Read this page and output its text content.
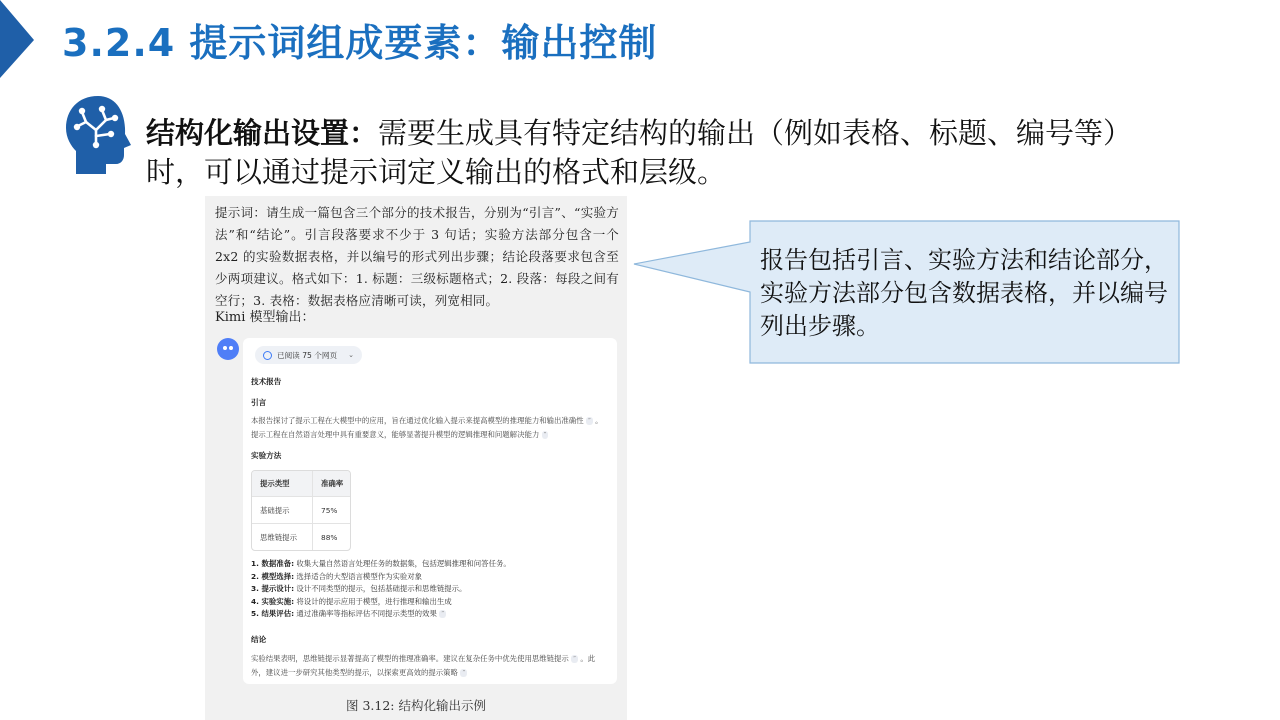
3.2.4 提示词组成要素：输出控制
结构化输出设置：需要生成具有特定结构的输出（例如表格、标题、编号等）时，可以通过提示词定义输出的格式和层级。
提示词：请生成一篇包含三个部分的技术报告，分别为“引言”、“实验方法”和“结论”。引言段落要求不少于 3 句话；实验方法部分包含一个 2x2 的实验数据表格，并以编号的形式列出步骤；结论段落要求包含至少两项建议。格式如下：1. 标题：三级标题格式；2. 段落：每段之间有空行；3. 表格：数据表格应清晰可读，列宽相同。
Kimi 模型输出：
已阅读 75 个网页 ⌄
技术报告
引言
本报告探讨了提示工程在大模型中的应用，旨在通过优化输入提示来提高模型的推理能力和输出准确性 ” 。提示工程在自然语言处理中具有重要意义，能够显著提升模型的逻辑推理和问题解决能力 ”
实验方法
提示类型	准确率
基础提示	75%
思维链提示	88%
1. 数据准备: 收集大量自然语言处理任务的数据集，包括逻辑推理和问答任务。
2. 模型选择: 选择适合的大型语言模型作为实验对象
3. 提示设计: 设计不同类型的提示，包括基础提示和思维链提示。
4. 实验实施: 将设计的提示应用于模型，进行推理和输出生成
5. 结果评估: 通过准确率等指标评估不同提示类型的效果 ”
结论
实验结果表明，思维链提示显著提高了模型的推理准确率。建议在复杂任务中优先使用思维链提示 ” 。此外，建议进一步研究其他类型的提示，以探索更高效的提示策略 ”
图 3.12: 结构化输出示例
报告包括引言、实验方法和结论部分，实验方法部分包含数据表格，并以编号列出步骤。
